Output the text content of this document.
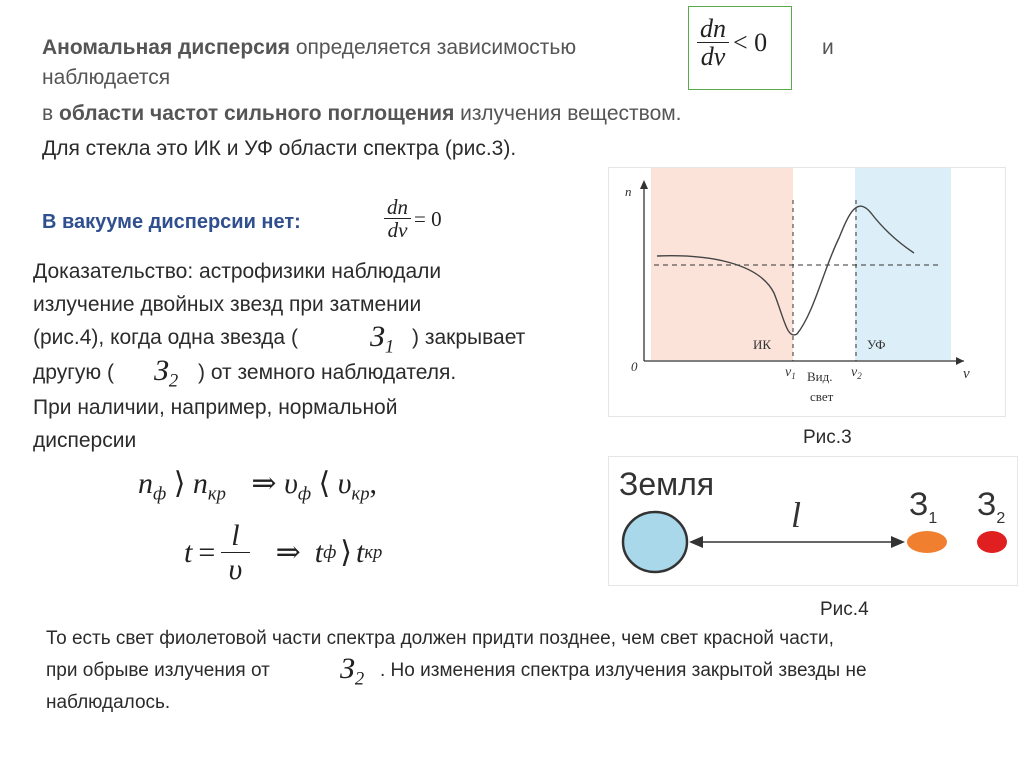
Аномальная дисперсия определяется зависимостью	$\frac{dn}{d\nu} < 0$	и
наблюдается
в области частот сильного поглощения излучения веществом.
Для стекла это ИК и УФ области спектра (рис.3).
В вакууме дисперсии нет:	$\frac{dn}{d\nu} = 0$
Доказательство: астрофизики наблюдали
излучение двойных звезд при затмении
(рис.4), когда одна звезда ( $З_1$ ) закрывает
другую ( $З_2$ ) от земного наблюдателя.
При наличии, например, нормальной
дисперсии
$n_ф$ ⟩ $n_{кр}$ ⇒ $\upsilon_ф$ ⟨ $\upsilon_{кр}$,
$t = \frac{l}{\upsilon}$ ⇒ t ф ⟩ t кр
n
0	ν
ИК	УФ
$\nu_1$	$\nu_2$
Вид.
свет
Рис.3
Земля
l	$З_1$ $З_2$
Рис.4
То есть свет фиолетовой части спектра должен придти позднее, чем свет красной части,
при обрыве излучения от $З_2$ . Но изменения спектра излучения закрытой звезды не
наблюдалось.
